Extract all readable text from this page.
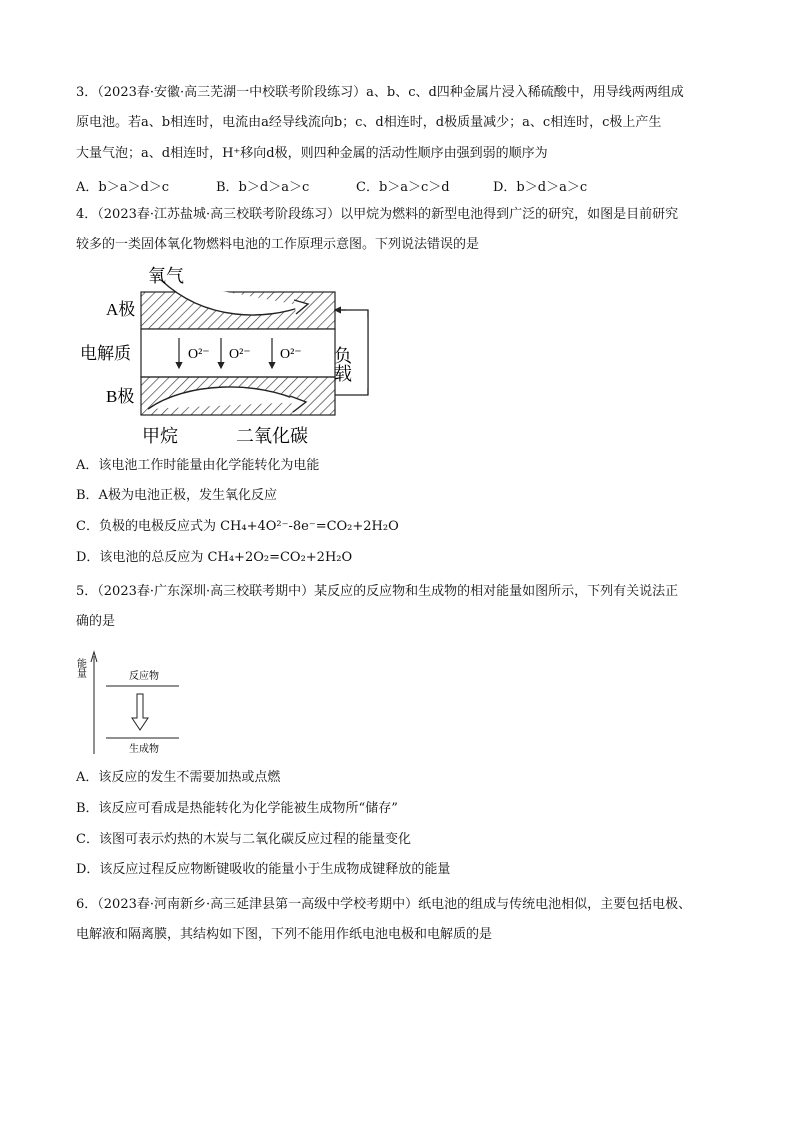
3．（2023春·安徽·高三芜湖一中校联考阶段练习）a、b、c、d四种金属片浸入稀硫酸中，用导线两两组成
原电池。若a、b相连时，电流由a经导线流向b；c、d相连时，d极质量减少；a、c相连时，c极上产生
大量气泡；a、d相连时，H⁺移向d极，则四种金属的活动性顺序由强到弱的顺序为
A．b＞a＞d＞c	B．b＞d＞a＞c	C．b＞a＞c＞d	D．b＞d＞a＞c
4．（2023春·江苏盐城·高三校联考阶段练习）以甲烷为燃料的新型电池得到广泛的研究，如图是目前研究
较多的一类固体氧化物燃料电池的工作原理示意图。下列说法错误的是
氧气
A极
电解质
B极
O²⁻ O²⁻ O²⁻ 负载
甲烷	二氧化碳
A．该电池工作时能量由化学能转化为电能
B．A极为电池正极，发生氧化反应
C．负极的电极反应式为 CH₄+4O²⁻-8e⁻=CO₂+2H₂O
D．该电池的总反应为 CH₄+2O₂=CO₂+2H₂O
5．（2023春·广东深圳·高三校联考期中）某反应的反应物和生成物的相对能量如图所示，下列有关说法正
确的是
能量	反应物
生成物
A．该反应的发生不需要加热或点燃
B．该反应可看成是热能转化为化学能被生成物所“储存”
C．该图可表示灼热的木炭与二氧化碳反应过程的能量变化
D．该反应过程反应物断键吸收的能量小于生成物成键释放的能量
6．（2023春·河南新乡·高三延津县第一高级中学校考期中）纸电池的组成与传统电池相似，主要包括电极、
电解液和隔离膜，其结构如下图，下列不能用作纸电池电极和电解质的是
